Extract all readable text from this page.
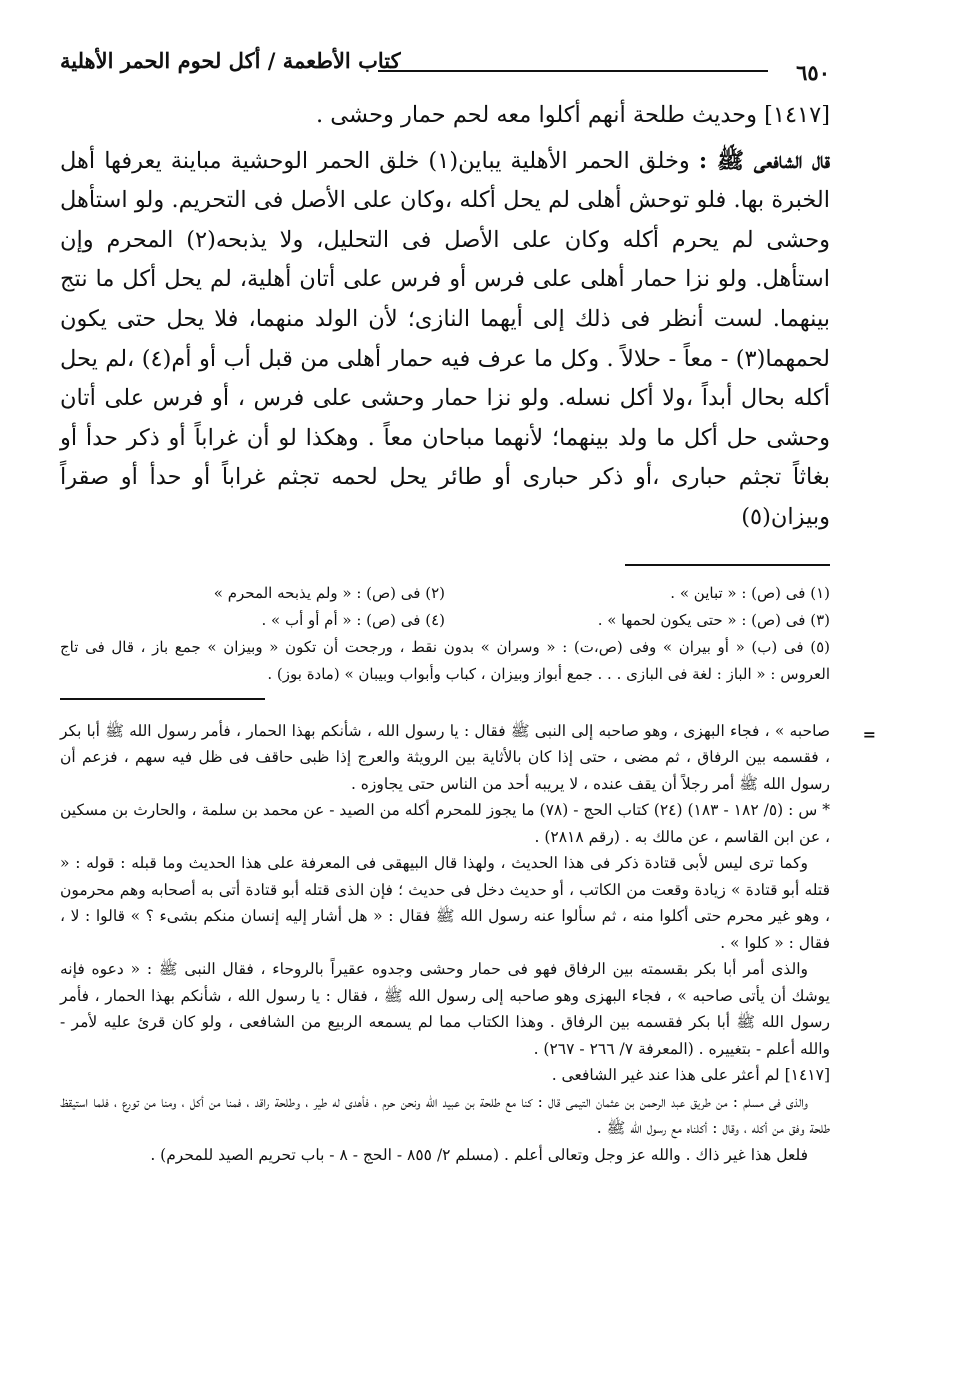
٦٥٠
كتاب الأطعمة / أكل لحوم الحمر الأهلية

[١٤١٧] وحديث طلحة أنهم أكلوا معه لحم حمار وحشى .

قال الشافعى ﷺ : وخلق الحمر الأهلية يباين(١) خلق الحمر الوحشية مباينة يعرفها أهل الخبرة بها. فلو توحش أهلى لم يحل أكله ،وكان على الأصل فى التحريم. ولو استأهل وحشى لم يحرم أكله وكان على الأصل فى التحليل، ولا يذبحه(٢) المحرم وإن استأهل. ولو نزا حمار أهلى على فرس أو فرس على أتان أهلية، لم يحل أكل ما نتج بينهما. لست أنظر فى ذلك إلى أيهما النازى؛ لأن الولد منهما، فلا يحل حتى يكون لحمهما(٣) - معاً - حلالاً . وكل ما عرف فيه حمار أهلى من قبل أب أو أم(٤) ،لم يحل أكله بحال أبداً ،ولا أكل نسله. ولو نزا حمار وحشى على فرس ، أو فرس على أتان وحشى حل أكل ما ولد بينهما؛ لأنهما مباحان معاً . وهكذا لو أن غراباً أو ذكر حدأ أو بغاثاً تجثم حبارى ،أو ذكر حبارى أو طائر يحل لحمه تجثم غراباً أو حدأ أو صقراً وبيزان(٥)

(١) فى (ص) : « تباين » .
(٢) فى (ص) : « ولم يذبحه المحرم »
(٣) فى (ص) : « حتى يكون لحمها » .
(٤) فى (ص) : « أم أو أب » .
(٥) فى (ب) « أو بيران » وفى (ص،ت) : « وسران » بدون نقط ، ورجحت أن تكون « وبيزان » جمع باز ، قال فى تاج العروس : « الباز : لغة فى البازى . . . جمع أبواز وبيزان ، كباب وأبواب وبيبان » (مادة بوز) .
=

صاحبه » ، فجاء البهزى ، وهو صاحبه إلى النبى ﷺ فقال : يا رسول الله ، شأنكم بهذا الحمار ، فأمر رسول الله ﷺ أبا بكر ، فقسمه بين الرفاق ، ثم مضى ، حتى إذا كان بالأثاية بين الرويثة والعرج إذا ظبى حاقف فى ظل فيه سهم ، فزعم أن رسول الله ﷺ أمر رجلاً أن يقف عنده ، لا يريبه أحد من الناس حتى يجاوزه .

* س : (٥/ ١٨٢ - ١٨٣) (٢٤) كتاب الحج - (٧٨) ما يجوز للمحرم أكله من الصيد - عن محمد بن سلمة ، والحارث بن مسكين ، عن ابن القاسم ، عن مالك به . (رقم ٢٨١٨) .

وكما ترى ليس لأبى قتادة ذكر فى هذا الحديث ، ولهذا قال البيهقى فى المعرفة على هذا الحديث وما قبله : قوله : « قتله أبو قتادة » زيادة وقعت من الكاتب ، أو حديث دخل فى حديث ؛ فإن الذى قتله أبو قتادة أتى به أصحابه وهم محرمون ، وهو غير محرم حتى أكلوا منه ، ثم سألوا عنه رسول الله ﷺ فقال : « هل أشار إليه إنسان منكم بشىء ؟ » قالوا : لا ، فقال : « كلوا » .

والذى أمر أبا بكر بقسمته بين الرفاق فهو فى حمار وحشى وجدوه عقيراً بالروحاء ، فقال النبى ﷺ : « دعوه فإنه يوشك أن يأتى صاحبه » ، فجاء البهزى وهو صاحبه إلى رسول الله ﷺ ، فقال : يا رسول الله ، شأنكم بهذا الحمار ، فأمر رسول الله ﷺ أبا بكر فقسمه بين الرفاق . وهذا الكتاب مما لم يسمعه الربيع من الشافعى ، ولو كان قرئ عليه لأمر - والله أعلم - بتغييره . (المعرفة ٧/ ٢٦٦ - ٢٦٧) .

[١٤١٧] لم أعثر على هذا عند غير الشافعى .

والذى فى مسلم : من طريق عبد الرحمن بن عثمان التيمى قال : كنا مع طلحة بن عبيد الله ونحن حرم ، فأهدى له طير ، وطلحة راقد ، فمنا من أكل ، ومنا من تورع ، فلما استيقظ طلحة وفق من أكله ، وقال : أكلناه مع رسول الله ﷺ .

فلعل هذا غير ذاك . والله عز وجل وتعالى أعلم . (مسلم ٢/ ٨٥٥ - الحج - ٨ - باب تحريم الصيد للمحرم) .
